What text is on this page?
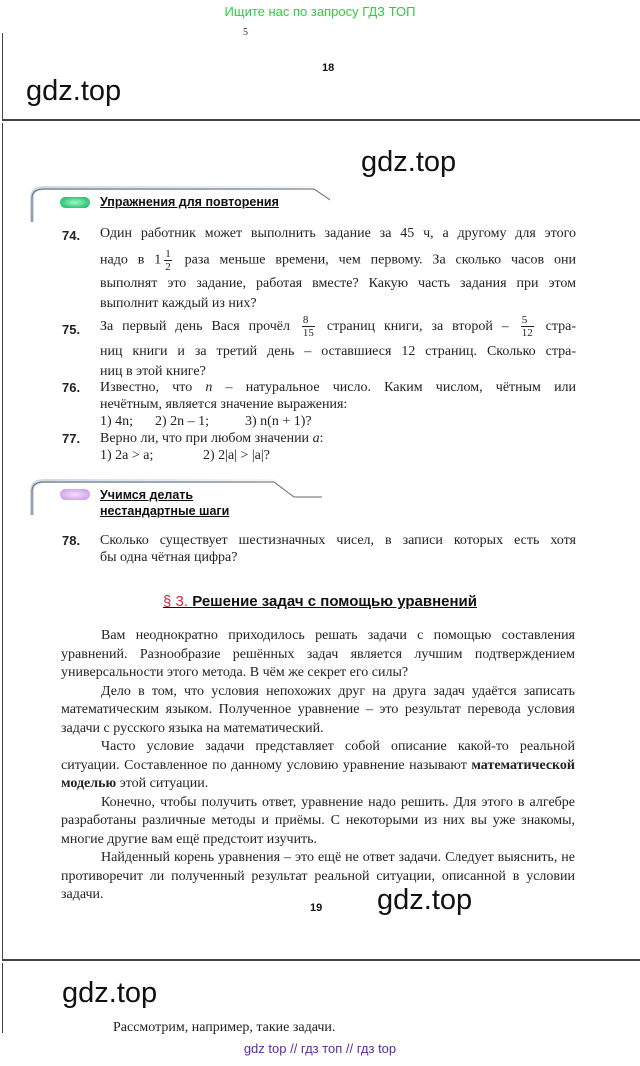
Ищите нас по запросу ГДЗ ТОП
5
18
gdz.top
gdz.top
Упражнения для повторения
74. Один работник может выполнить задание за 45 ч, а другому для этого
надо в $1 \frac{1}{2}$ раза меньше времени, чем первому. За сколько часов они
выполнят это задание, работая вместе? Какую часть задания при этом
выполнит каждый из них?
75. За первый день Вася прочёл $\frac{8}{15}$ страниц книги, за второй – $\frac{5}{12}$ стра-
ниц книги и за третий день – оставшиеся 12 страниц. Сколько стра-
ниц в этой книге?
76. Известно, что n – натуральное число. Каким числом, чётным или
нечётным, является значение выражения:
1) 4n; 2) 2n – 1;	3) n(n + 1)?
77. Верно ли, что при любом значении a:
1) 2a > a;	2) 2|a| > |a|?
Учимся делать
нестандартные шаги
78. Сколько существует шестизначных чисел, в записи которых есть хотя
бы одна чётная цифра?
§ 3. Решение задач с помощью уравнений

Вам неоднократно приходилось решать задачи с помощью составления уравнений. Разнообразие решённых задач является лучшим подтверждением универсальности этого метода. В чём же секрет его силы?

Дело в том, что условия непохожих друг на друга задач удаётся записать математическим языком. Полученное уравнение – это результат перевода условия задачи с русского языка на математический.

Часто условие задачи представляет собой описание какой-то реальной ситуации. Составленное по данному условию уравнение называют математической моделью этой ситуации.

Конечно, чтобы получить ответ, уравнение надо решить. Для этого в алгебре разработаны различные методы и приёмы. С некоторыми из них вы уже знакомы, многие другие вам ещё предстоит изучить.

Найденный корень уравнения – это ещё не ответ задачи. Следует выяснить, не противоречит ли полученный результат реальной ситуации, описанной в условии задачи.

19 gdz.top
gdz.top
Рассмотрим, например, такие задачи.
gdz top // гдз топ // гдз top
